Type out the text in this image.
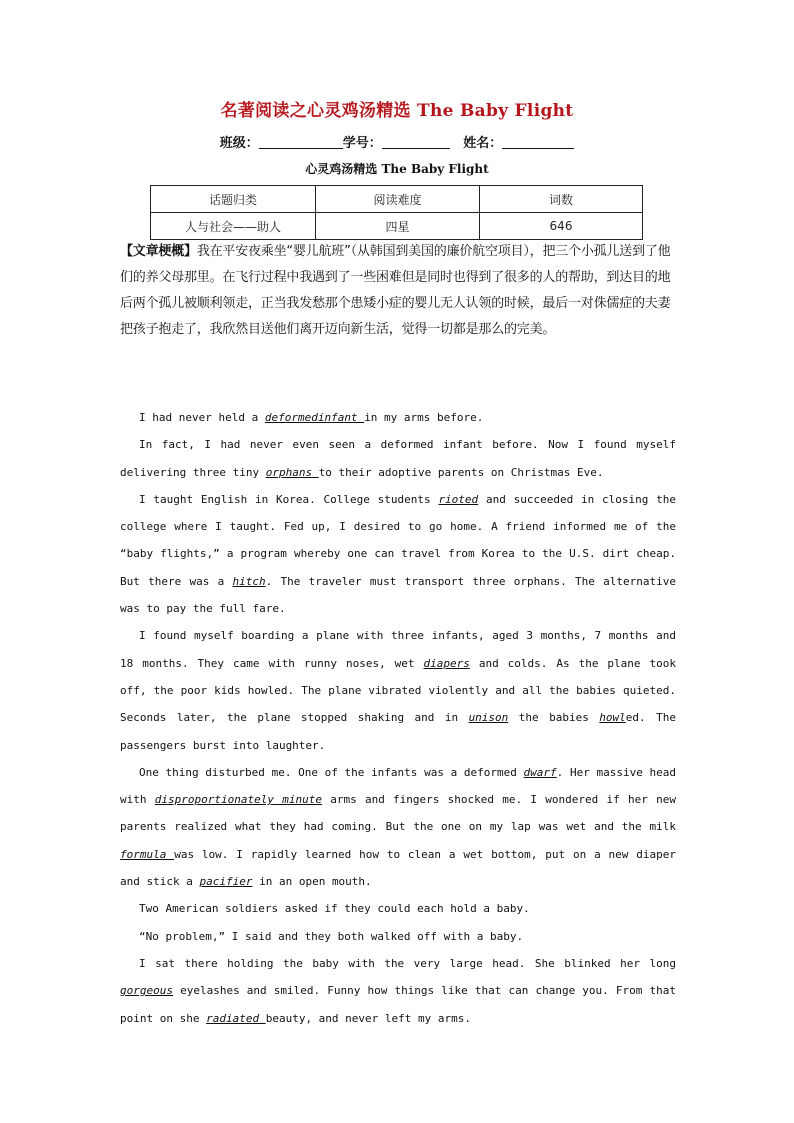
名著阅读之心灵鸡汤精选 The Baby Flight
班级：	学号：	姓名：
心灵鸡汤精选 The Baby Flight
话题归类	阅读难度	词数
人与社会——助人	四星	646
【文章梗概】我在平安夜乘坐“婴儿航班”（从韩国到美国的廉价航空项目），把三个小孤儿送到了他们的养父母那里。在飞行过程中我遇到了一些困难但是同时也得到了很多的人的帮助，到达目的地后两个孤儿被顺利领走，正当我发愁那个患矮小症的婴儿无人认领的时候，最后一对侏儒症的夫妻把孩子抱走了，我欣然目送他们离开迈向新生活，觉得一切都是那么的完美。

I had never held a deformedinfant in my arms before.

In fact, I had never even seen a deformed infant before. Now I found myself delivering three tiny orphans to their adoptive parents on Christmas Eve.

I taught English in Korea. College students rioted and succeeded in closing the college where I taught. Fed up, I desired to go home. A friend informed me of the “baby flights,” a program whereby one can travel from Korea to the U.S. dirt cheap. But there was a hitch. The traveler must transport three orphans. The alternative was to pay the full fare.

I found myself boarding a plane with three infants, aged 3 months, 7 months and 18 months. They came with runny noses, wet diapers and colds. As the plane took off, the poor kids howled. The plane vibrated violently and all the babies quieted. Seconds later, the plane stopped shaking and in unison the babies howled. The passengers burst into laughter.

One thing disturbed me. One of the infants was a deformed dwarf. Her massive head with disproportionately minute arms and fingers shocked me. I wondered if her new parents realized what they had coming. But the one on my lap was wet and the milk formula was low. I rapidly learned how to clean a wet bottom, put on a new diaper and stick a pacifier in an open mouth.

Two American soldiers asked if they could each hold a baby.

“No problem,” I said and they both walked off with a baby.

I sat there holding the baby with the very large head. She blinked her long gorgeous eyelashes and smiled. Funny how things like that can change you. From that point on she radiated beauty, and never left my arms.
